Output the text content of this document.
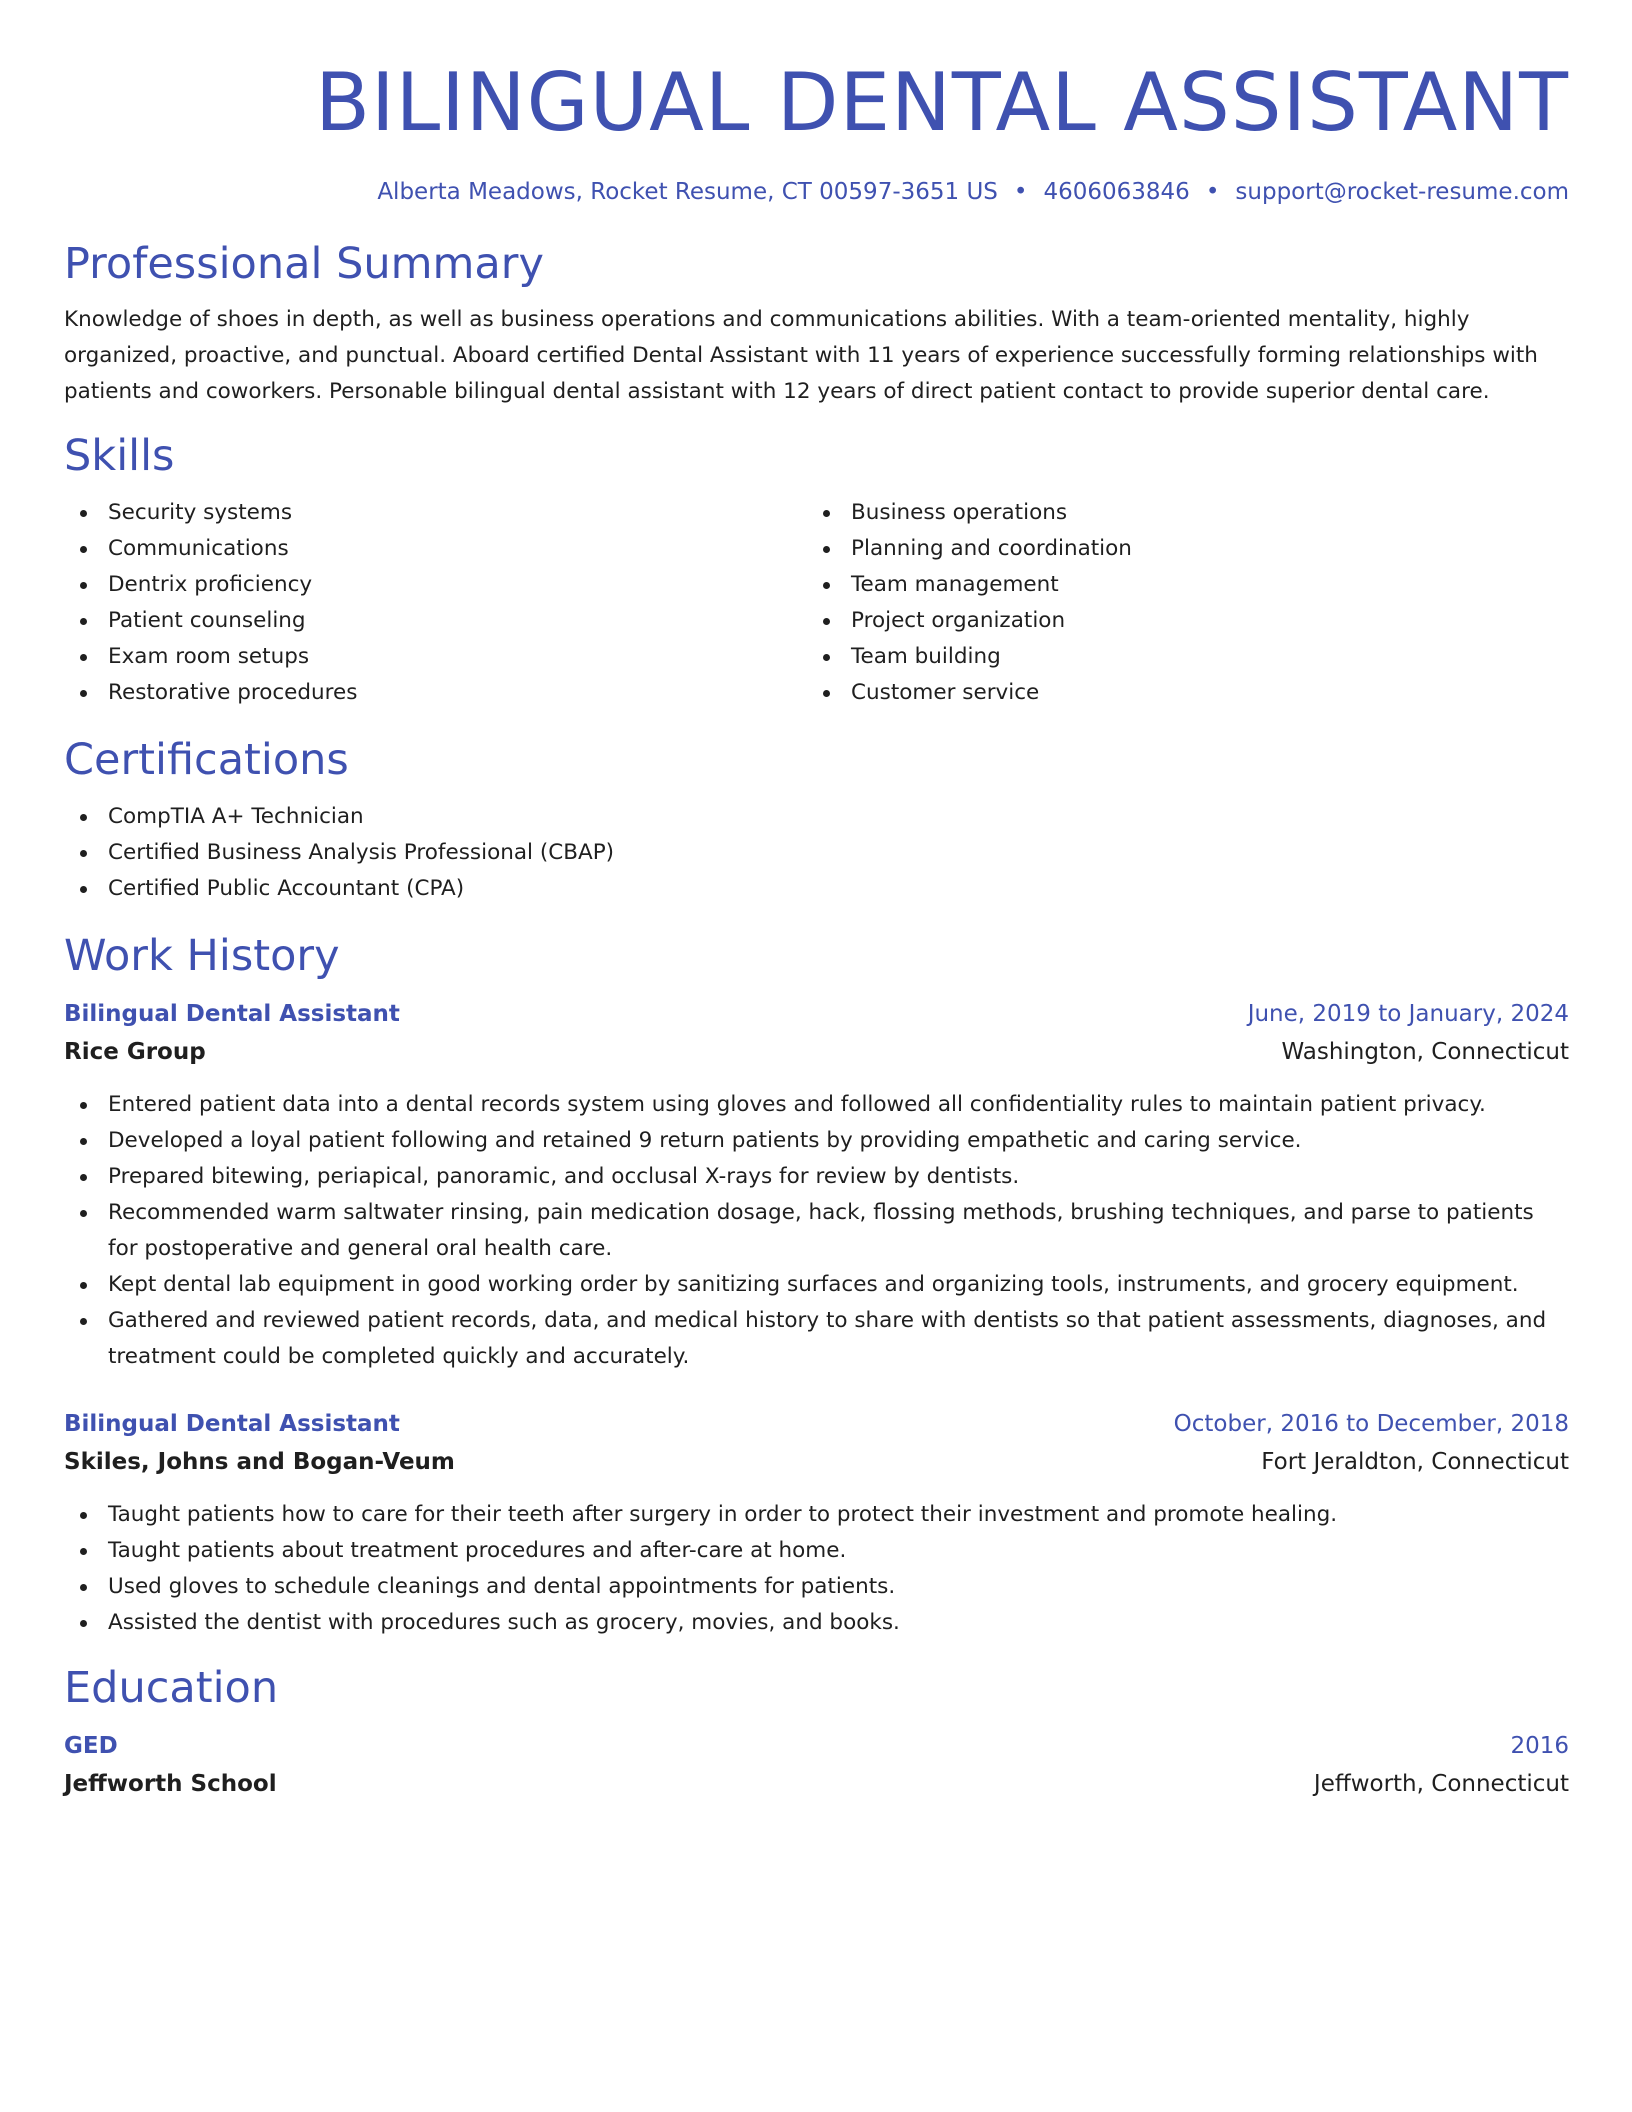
BILINGUAL DENTAL ASSISTANT
Alberta Meadows, Rocket Resume, CT 00597-3651 US • 4606063846 • support@rocket-resume.com
Professional Summary

Knowledge of shoes in depth, as well as business operations and communications abilities. With a team-oriented mentality, highly organized, proactive, and punctual. Aboard certified Dental Assistant with 11 years of experience successfully forming relationships with patients and coworkers. Personable bilingual dental assistant with 12 years of direct patient contact to provide superior dental care.

Skills
Security systems
Communications
Dentrix proficiency
Patient counseling
Exam room setups
Restorative procedures
Business operations
Planning and coordination
Team management
Project organization
Team building
Customer service
Certifications
CompTIA A+ Technician
Certified Business Analysis Professional (CBAP)
Certified Public Accountant (CPA)
Work History
Bilingual Dental Assistant	June, 2019 to January, 2024
Rice Group	Washington, Connecticut
Entered patient data into a dental records system using gloves and followed all confidentiality rules to maintain patient privacy.
Developed a loyal patient following and retained 9 return patients by providing empathetic and caring service.
Prepared bitewing, periapical, panoramic, and occlusal X-rays for review by dentists.
Recommended warm saltwater rinsing, pain medication dosage, hack, flossing methods, brushing techniques, and parse to patients for postoperative and general oral health care.
Kept dental lab equipment in good working order by sanitizing surfaces and organizing tools, instruments, and grocery equipment.
Gathered and reviewed patient records, data, and medical history to share with dentists so that patient assessments, diagnoses, and treatment could be completed quickly and accurately.
Bilingual Dental Assistant	October, 2016 to December, 2018
Skiles, Johns and Bogan-Veum	Fort Jeraldton, Connecticut
Taught patients how to care for their teeth after surgery in order to protect their investment and promote healing.
Taught patients about treatment procedures and after-care at home.
Used gloves to schedule cleanings and dental appointments for patients.
Assisted the dentist with procedures such as grocery, movies, and books.
Education
GED	2016
Jeffworth School	Jeffworth, Connecticut
